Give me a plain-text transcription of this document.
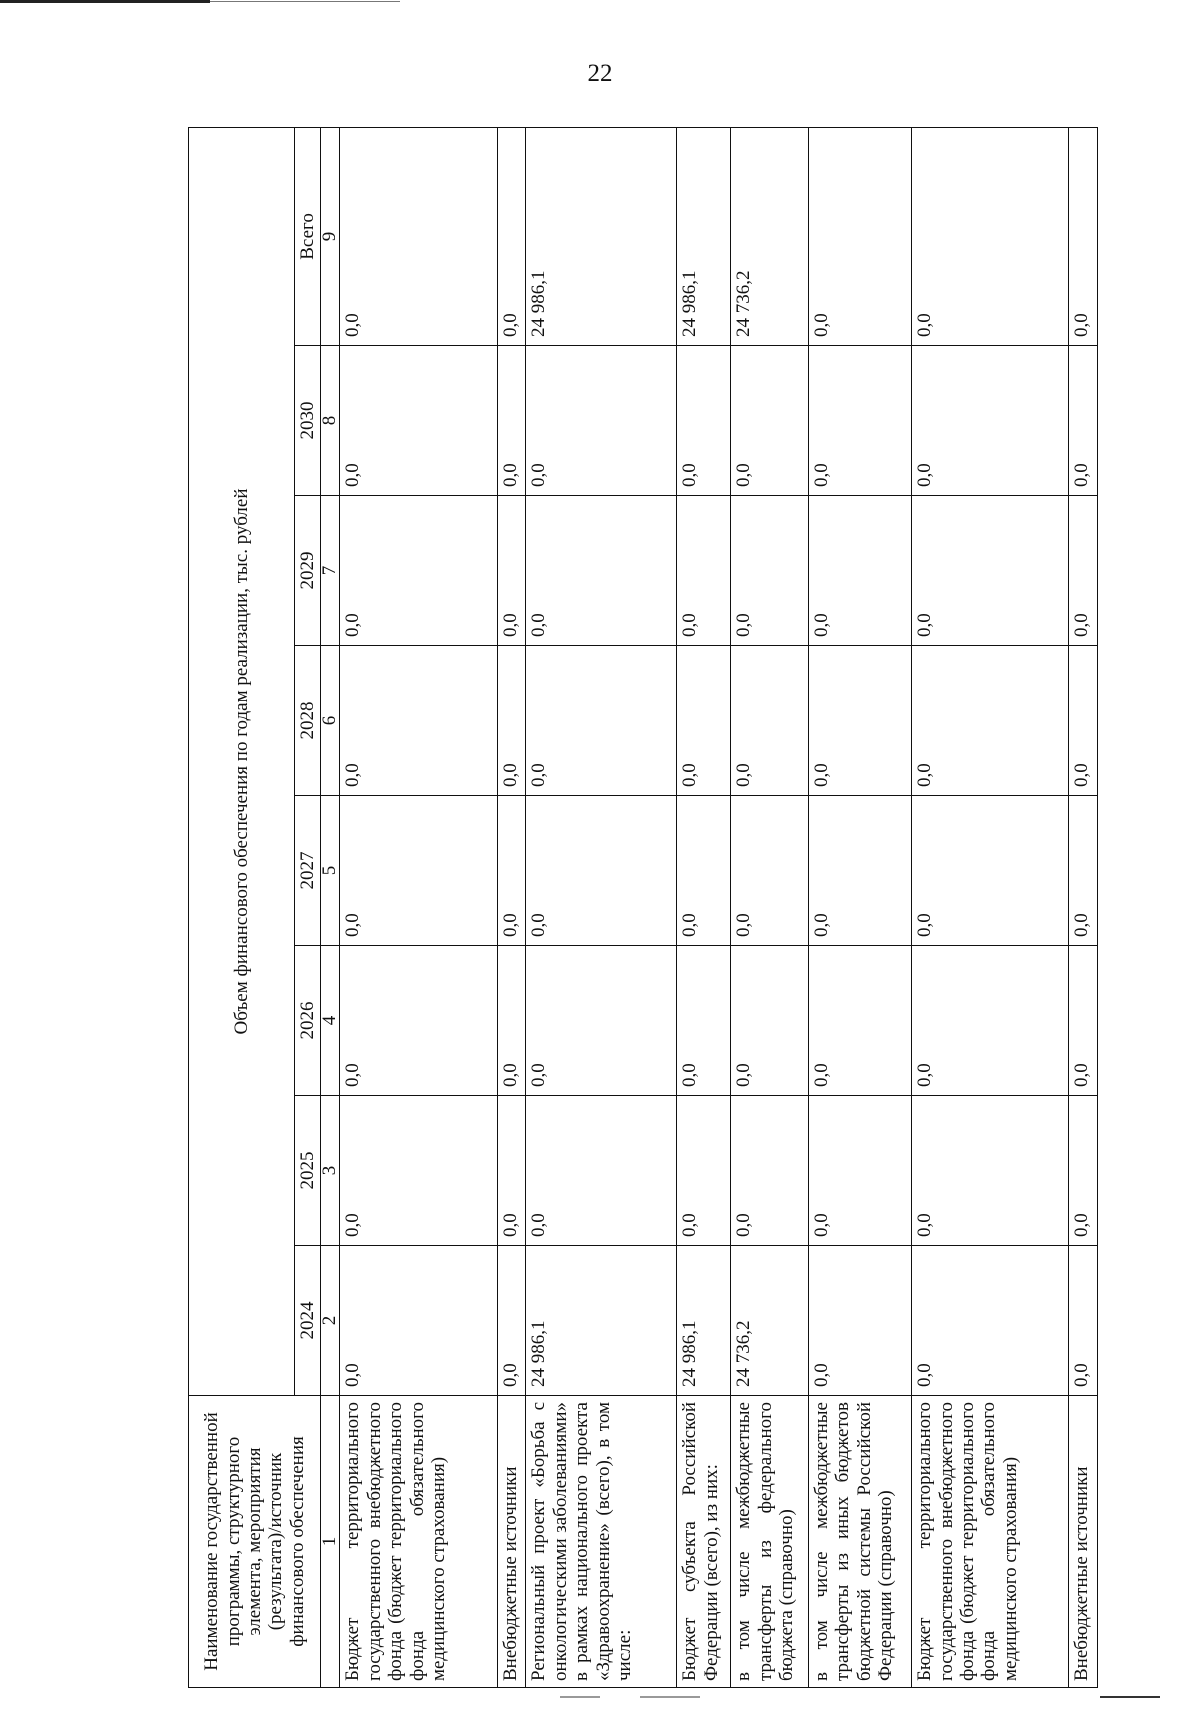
22
Наименование государственной программы, структурного элемента, мероприятия (результата)/источник финансового обеспечения	Объем финансового обеспечения по годам реализации, тыс. рублей							
	2024	2025	2026	2027	2028	2029	2030	Всего
1	2	3	4	5	6	7	8	9
Бюджет территориального государственного внебюджетного фонда (бюджет территориального фонда обязательного медицинского страхования)	0,0	0,0	0,0	0,0	0,0	0,0	0,0	0,0
Внебюджетные источники	0,0	0,0	0,0	0,0	0,0	0,0	0,0	0,0
Региональный проект «Борьба с онкологическими заболеваниями» в рамках национального проекта «Здравоохранение» (всего), в том числе:	24 986,1	0,0	0,0	0,0	0,0	0,0	0,0	24 986,1
Бюджет субъекта Российской Федерации (всего), из них:	24 986,1	0,0	0,0	0,0	0,0	0,0	0,0	24 986,1
в том числе межбюджетные трансферты из федерального бюджета (справочно)	24 736,2	0,0	0,0	0,0	0,0	0,0	0,0	24 736,2
в том числе межбюджетные трансферты из иных бюджетов бюджетной системы Российской Федерации (справочно)	0,0	0,0	0,0	0,0	0,0	0,0	0,0	0,0
Бюджет территориального государственного внебюджетного фонда (бюджет территориального фонда обязательного медицинского страхования)	0,0	0,0	0,0	0,0	0,0	0,0	0,0	0,0
Внебюджетные источники	0,0	0,0	0,0	0,0	0,0	0,0	0,0	0,0
